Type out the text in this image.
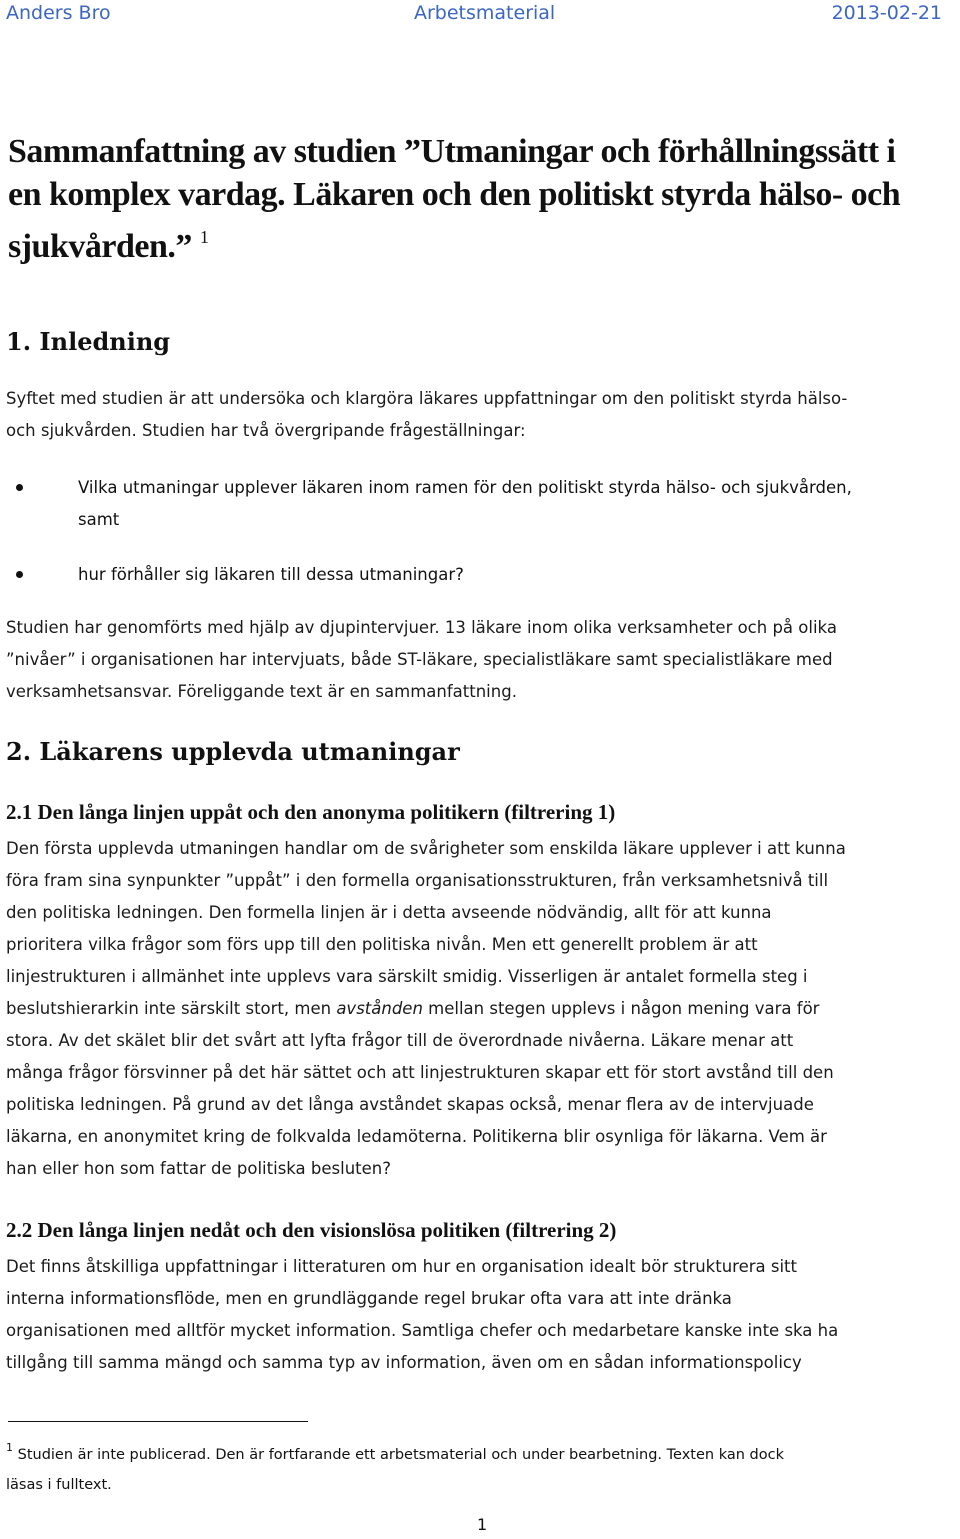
Anders Bro	Arbetsmaterial	2013-02-21

Sammanfattning av studien ”Utmaningar och förhållningssätt i

en komplex vardag. Läkaren och den politiskt styrda hälso- och

sjukvården.” $^1$

1. Inledning

Syftet med studien är att undersöka och klargöra läkares uppfattningar om den politiskt styrda hälso-

och sjukvården. Studien har två övergripande frågeställningar:

Vilka utmaningar upplever läkaren inom ramen för den politiskt styrda hälso- och sjukvården,

samt

hur förhåller sig läkaren till dessa utmaningar?

Studien har genomförts med hjälp av djupintervjuer. 13 läkare inom olika verksamheter och på olika

”nivåer” i organisationen har intervjuats, både ST-läkare, specialistläkare samt specialistläkare med

verksamhetsansvar. Föreliggande text är en sammanfattning.

2. Läkarens upplevda utmaningar
2.1 Den långa linjen uppåt och den anonyma politikern (filtrering 1)

Den första upplevda utmaningen handlar om de svårigheter som enskilda läkare upplever i att kunna

föra fram sina synpunkter ”uppåt” i den formella organisationsstrukturen, från verksamhetsnivå till

den politiska ledningen. Den formella linjen är i detta avseende nödvändig, allt för att kunna

prioritera vilka frågor som förs upp till den politiska nivån. Men ett generellt problem är att

linjestrukturen i allmänhet inte upplevs vara särskilt smidig. Visserligen är antalet formella steg i

beslutshierarkin inte särskilt stort, men avstånden mellan stegen upplevs i någon mening vara för

stora. Av det skälet blir det svårt att lyfta frågor till de överordnade nivåerna. Läkare menar att

många frågor försvinner på det här sättet och att linjestrukturen skapar ett för stort avstånd till den

politiska ledningen. På grund av det långa avståndet skapas också, menar flera av de intervjuade

läkarna, en anonymitet kring de folkvalda ledamöterna. Politikerna blir osynliga för läkarna. Vem är

han eller hon som fattar de politiska besluten?

2.2 Den långa linjen nedåt och den visionslösa politiken (filtrering 2)

Det finns åtskilliga uppfattningar i litteraturen om hur en organisation idealt bör strukturera sitt

interna informationsflöde, men en grundläggande regel brukar ofta vara att inte dränka

organisationen med alltför mycket information. Samtliga chefer och medarbetare kanske inte ska ha

tillgång till samma mängd och samma typ av information, även om en sådan informationspolicy

$^1$ Studien är inte publicerad. Den är fortfarande ett arbetsmaterial och under bearbetning. Texten kan dock

läsas i fulltext.

1
